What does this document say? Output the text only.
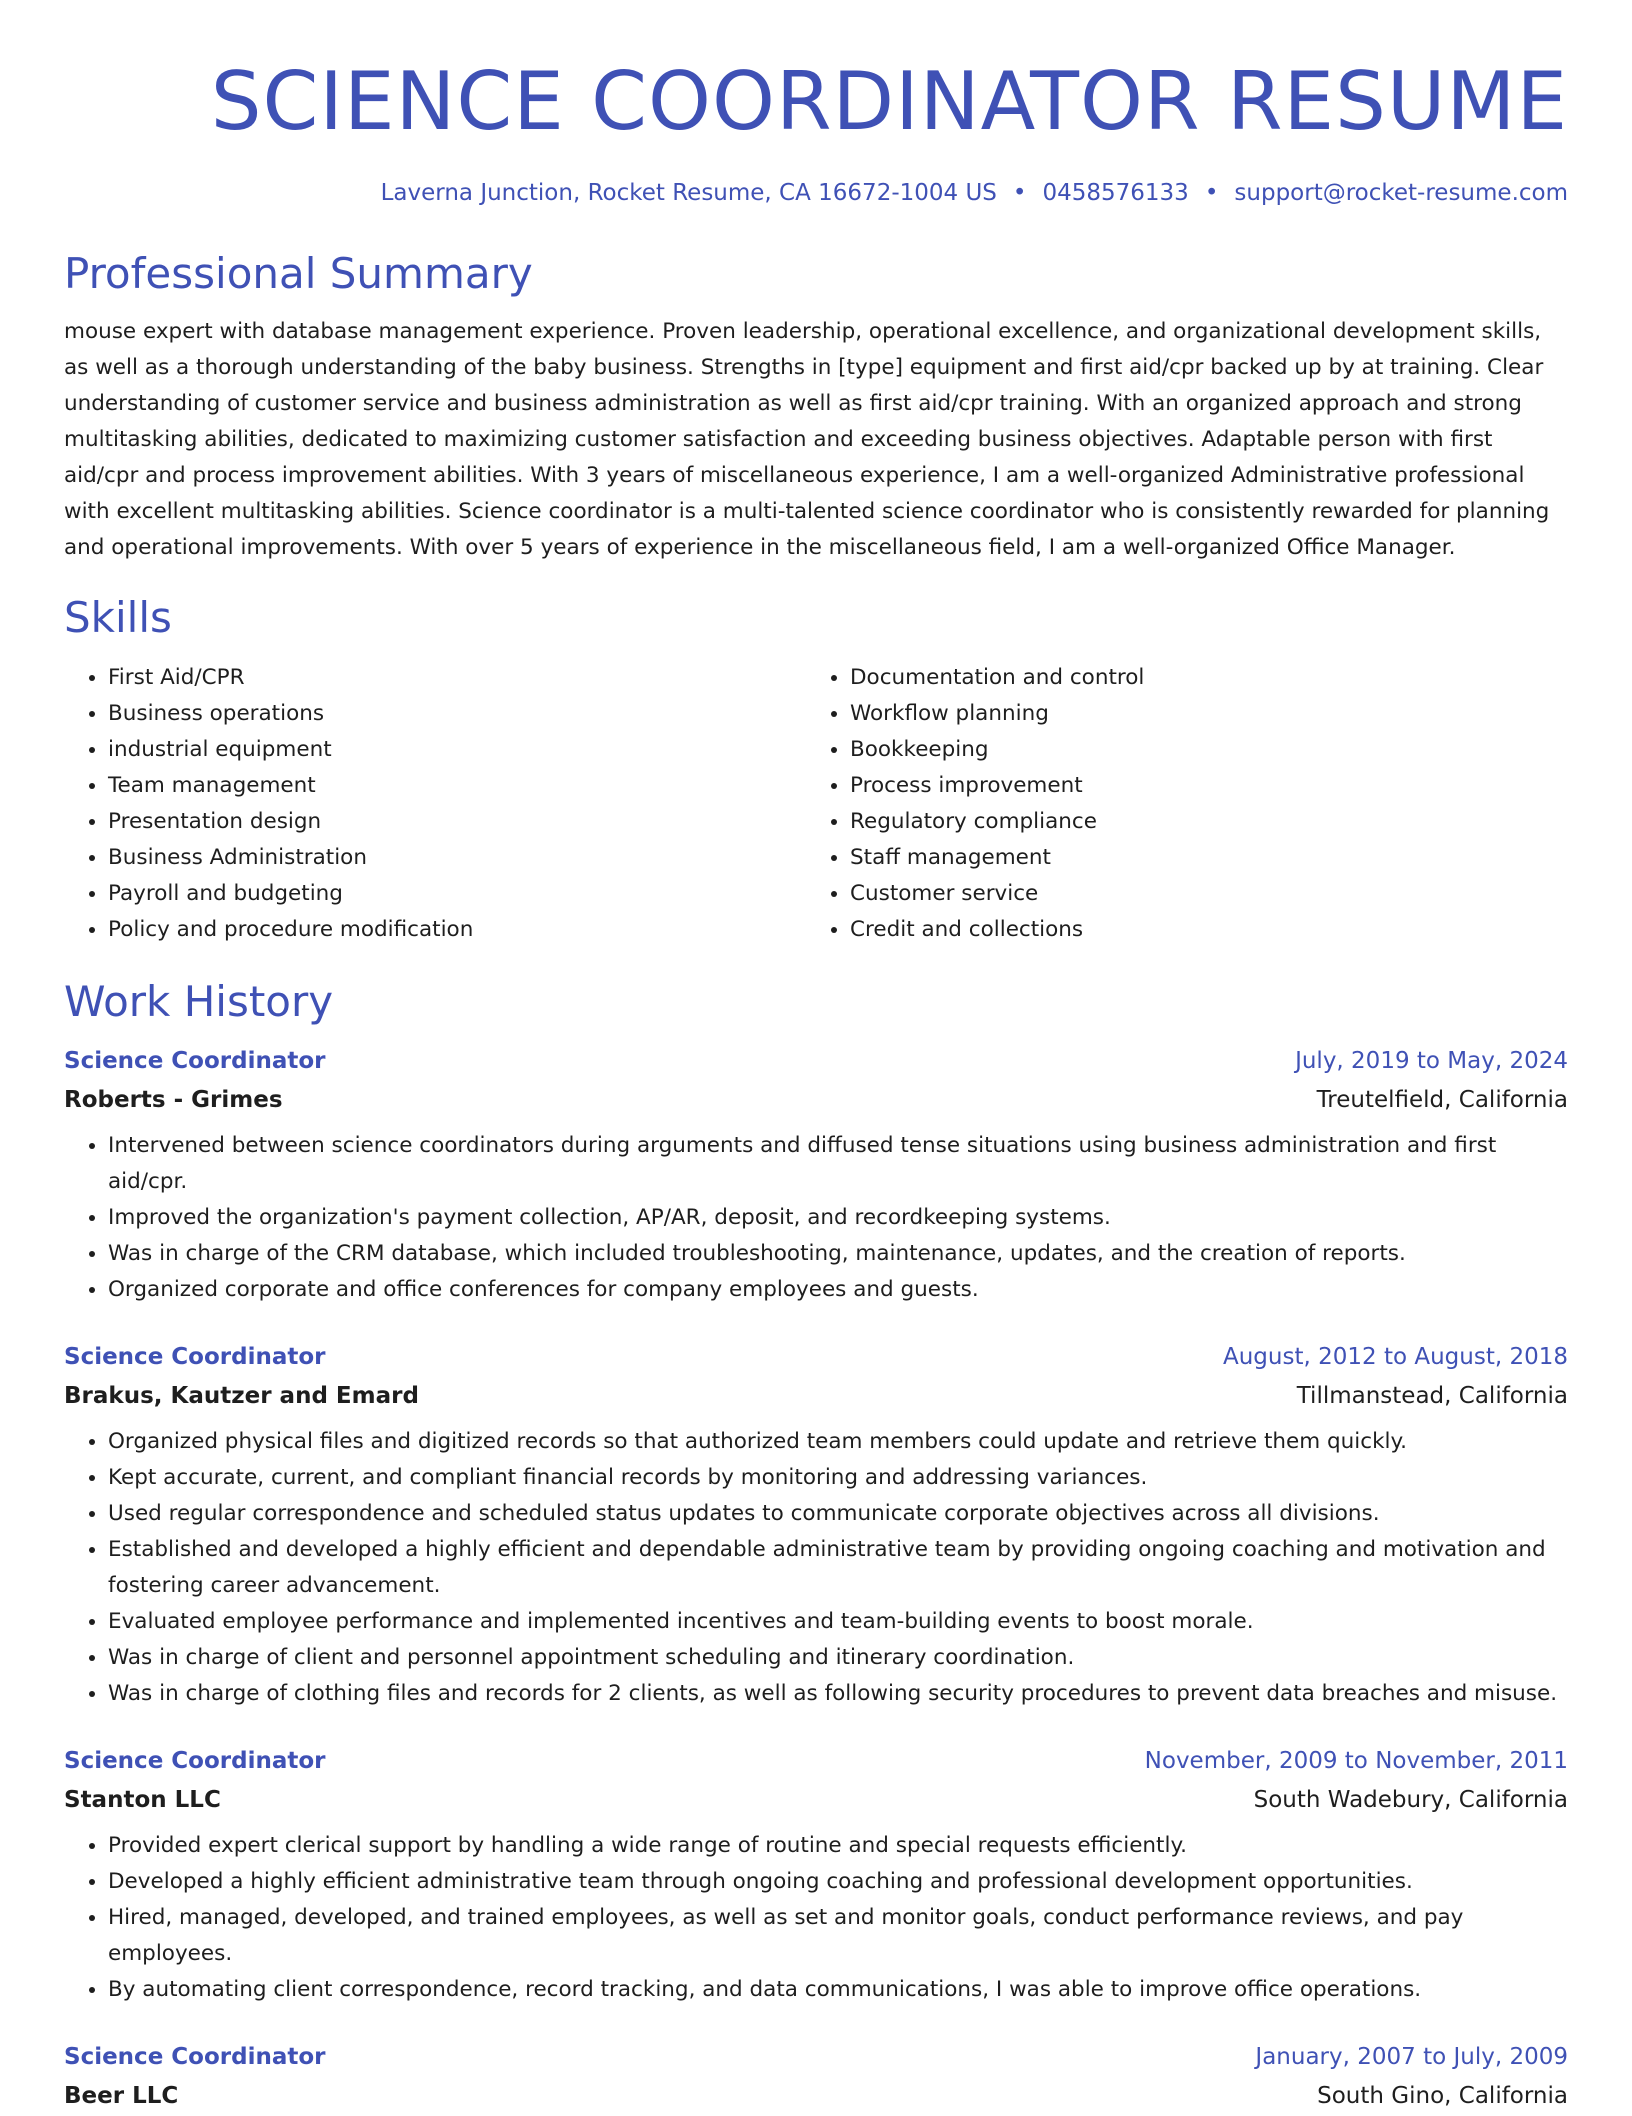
SCIENCE COORDINATOR RESUME
Laverna Junction, Rocket Resume, CA 16672-1004 US • 0458576133 • support@rocket-resume.com
Professional Summary

mouse expert with database management experience. Proven leadership, operational excellence, and organizational development skills, as well as a thorough understanding of the baby business. Strengths in [type] equipment and first aid/cpr backed up by at training. Clear understanding of customer service and business administration as well as first aid/cpr training. With an organized approach and strong multitasking abilities, dedicated to maximizing customer satisfaction and exceeding business objectives. Adaptable person with first aid/cpr and process improvement abilities. With 3 years of miscellaneous experience, I am a well-organized Administrative professional with excellent multitasking abilities. Science coordinator is a multi-talented science coordinator who is consistently rewarded for planning and operational improvements. With over 5 years of experience in the miscellaneous field, I am a well-organized Office Manager.

Skills
• First Aid/CPR
• Business operations
• industrial equipment
• Team management
• Presentation design
• Business Administration
• Payroll and budgeting
• Policy and procedure modification
• Documentation and control
• Workflow planning
• Bookkeeping
• Process improvement
• Regulatory compliance
• Staff management
• Customer service
• Credit and collections
Work History
Science Coordinator	July, 2019 to May, 2024
Roberts - Grimes	Treutelfield, California
• Intervened between science coordinators during arguments and diffused tense situations using business administration and first aid/cpr.
• Improved the organization's payment collection, AP/AR, deposit, and recordkeeping systems.
• Was in charge of the CRM database, which included troubleshooting, maintenance, updates, and the creation of reports.
• Organized corporate and office conferences for company employees and guests.
Science Coordinator	August, 2012 to August, 2018
Brakus, Kautzer and Emard	Tillmanstead, California
• Organized physical files and digitized records so that authorized team members could update and retrieve them quickly.
• Kept accurate, current, and compliant financial records by monitoring and addressing variances.
• Used regular correspondence and scheduled status updates to communicate corporate objectives across all divisions.
• Established and developed a highly efficient and dependable administrative team by providing ongoing coaching and motivation and fostering career advancement.
• Evaluated employee performance and implemented incentives and team-building events to boost morale.
• Was in charge of client and personnel appointment scheduling and itinerary coordination.
• Was in charge of clothing files and records for 2 clients, as well as following security procedures to prevent data breaches and misuse.
Science Coordinator	November, 2009 to November, 2011
Stanton LLC	South Wadebury, California
• Provided expert clerical support by handling a wide range of routine and special requests efficiently.
• Developed a highly efficient administrative team through ongoing coaching and professional development opportunities.
• Hired, managed, developed, and trained employees, as well as set and monitor goals, conduct performance reviews, and pay employees.
• By automating client correspondence, record tracking, and data communications, I was able to improve office operations.
Science Coordinator	January, 2007 to July, 2009
Beer LLC	South Gino, California
